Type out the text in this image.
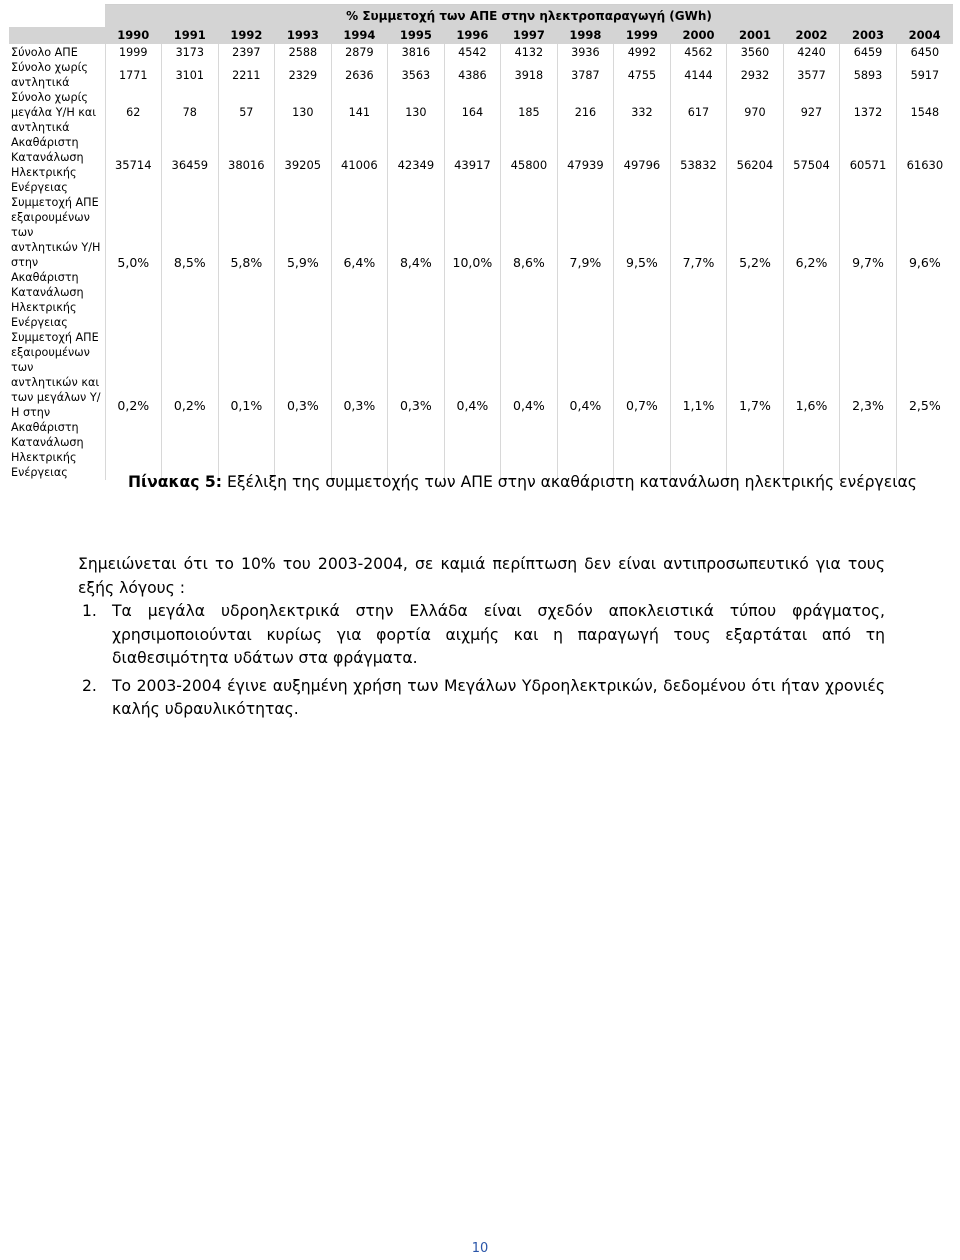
	% Συμμετοχή των ΑΠΕ στην ηλεκτροπαραγωγή (GWh)														
	1990	1991	1992	1993	1994	1995	1996	1997	1998	1999	2000	2001	2002	2003	2004
Σύνολο ΑΠΕ	1999	3173	2397	2588	2879	3816	4542	4132	3936	4992	4562	3560	4240	6459	6450
Σύνολο χωρίς αντλητικά	1771	3101	2211	2329	2636	3563	4386	3918	3787	4755	4144	2932	3577	5893	5917
Σύνολο χωρίς μεγάλα Υ/Η και αντλητικά	62	78	57	130	141	130	164	185	216	332	617	970	927	1372	1548
Ακαθάριστη Κατανάλωση Ηλεκτρικής Ενέργειας	35714	36459	38016	39205	41006	42349	43917	45800	47939	49796	53832	56204	57504	60571	61630
Συμμετοχή ΑΠΕ εξαιρουμένων των αντλητικών Υ/Η στην Ακαθάριστη Κατανάλωση Ηλεκτρικής Ενέργειας	5,0%	8,5%	5,8%	5,9%	6,4%	8,4%	10,0%	8,6%	7,9%	9,5%	7,7%	5,2%	6,2%	9,7%	9,6%
Συμμετοχή ΑΠΕ εξαιρουμένων των αντλητικών και των μεγάλων Υ/Η στην Ακαθάριστη Κατανάλωση Ηλεκτρικής Ενέργειας	0,2%	0,2%	0,1%	0,3%	0,3%	0,3%	0,4%	0,4%	0,4%	0,7%	1,1%	1,7%	1,6%	2,3%	2,5%
Πίνακας 5: Εξέλιξη της συμμετοχής των ΑΠΕ στην ακαθάριστη κατανάλωση ηλεκτρικής ενέργειας

Σημειώνεται ότι το 10% του 2003-2004, σε καμιά περίπτωση δεν είναι αντιπροσωπευτικό για τους εξής λόγους :

1. Τα μεγάλα υδροηλεκτρικά στην Ελλάδα είναι σχεδόν αποκλειστικά τύπου φράγματος, χρησιμοποιούνται κυρίως για φορτία αιχμής και η παραγωγή τους εξαρτάται από τη διαθεσιμότητα υδάτων στα φράγματα.
2. Το 2003-2004 έγινε αυξημένη χρήση των Μεγάλων Υδροηλεκτρικών, δεδομένου ότι ήταν χρονιές καλής υδραυλικότητας.
10
